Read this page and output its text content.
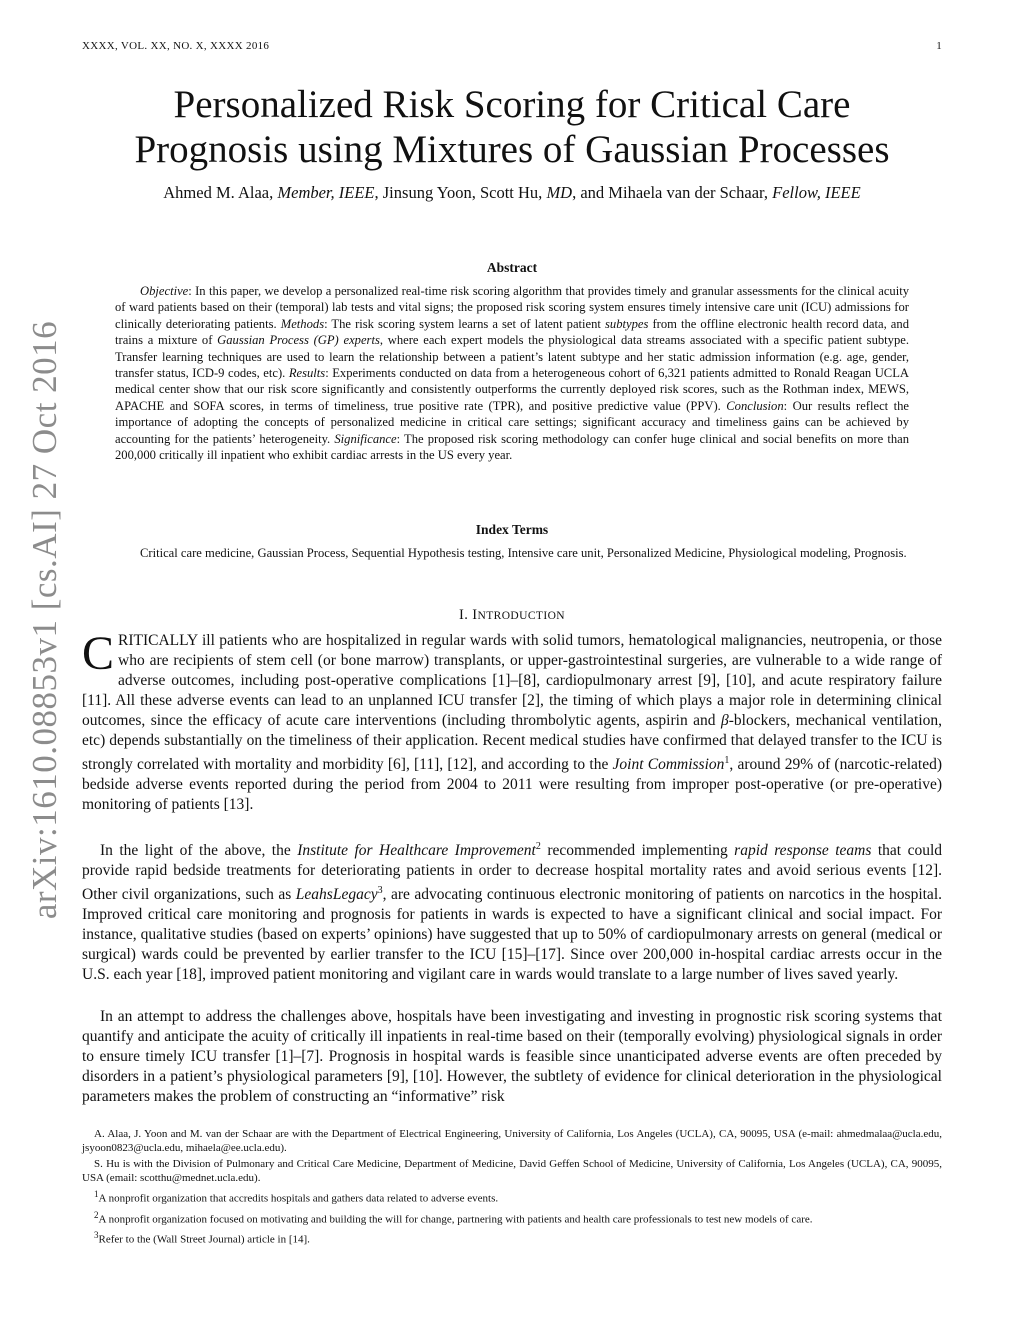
XXXX, VOL. XX, NO. X, XXXX 2016	1
arXiv:1610.08853v1 [cs.AI] 27 Oct 2016
Personalized Risk Scoring for Critical Care
Prognosis using Mixtures of Gaussian Processes
Ahmed M. Alaa, Member, IEEE, Jinsung Yoon, Scott Hu, MD, and Mihaela van der Schaar, Fellow, IEEE

Abstract

Objective: In this paper, we develop a personalized real-time risk scoring algorithm that provides timely and granular assessments for the clinical acuity of ward patients based on their (temporal) lab tests and vital signs; the proposed risk scoring system ensures timely intensive care unit (ICU) admissions for clinically deteriorating patients. Methods: The risk scoring system learns a set of latent patient subtypes from the offline electronic health record data, and trains a mixture of Gaussian Process (GP) experts, where each expert models the physiological data streams associated with a specific patient subtype. Transfer learning techniques are used to learn the relationship between a patient’s latent subtype and her static admission information (e.g. age, gender, transfer status, ICD-9 codes, etc). Results: Experiments conducted on data from a heterogeneous cohort of 6,321 patients admitted to Ronald Reagan UCLA medical center show that our risk score significantly and consistently outperforms the currently deployed risk scores, such as the Rothman index, MEWS, APACHE and SOFA scores, in terms of timeliness, true positive rate (TPR), and positive predictive value (PPV). Conclusion: Our results reflect the importance of adopting the concepts of personalized medicine in critical care settings; significant accuracy and timeliness gains can be achieved by accounting for the patients’ heterogeneity. Significance: The proposed risk scoring methodology can confer huge clinical and social benefits on more than 200,000 critically ill inpatient who exhibit cardiac arrests in the US every year.

Index Terms

Critical care medicine, Gaussian Process, Sequential Hypothesis testing, Intensive care unit, Personalized Medicine, Physiological modeling, Prognosis.

I. INTRODUCTION

CRITICALLY ill patients who are hospitalized in regular wards with solid tumors, hematological malignancies, neutropenia, or those who are recipients of stem cell (or bone marrow) transplants, or upper-gastrointestinal surgeries, are vulnerable to a wide range of adverse outcomes, including post-operative complications [1]–[8], cardiopulmonary arrest [9], [10], and acute respiratory failure [11]. All these adverse events can lead to an unplanned ICU transfer [2], the timing of which plays a major role in determining clinical outcomes, since the efficacy of acute care interventions (including thrombolytic agents, aspirin and β-blockers, mechanical ventilation, etc) depends substantially on the timeliness of their application. Recent medical studies have confirmed that delayed transfer to the ICU is strongly correlated with mortality and morbidity [6], [11], [12], and according to the Joint Commission$^1$, around 29% of (narcotic-related) bedside adverse events reported during the period from 2004 to 2011 were resulting from improper post-operative (or pre-operative) monitoring of patients [13].

In the light of the above, the Institute for Healthcare Improvement$^2$ recommended implementing rapid response teams that could provide rapid bedside treatments for deteriorating patients in order to decrease hospital mortality rates and avoid serious events [12]. Other civil organizations, such as LeahsLegacy$^3$, are advocating continuous electronic monitoring of patients on narcotics in the hospital. Improved critical care monitoring and prognosis for patients in wards is expected to have a significant clinical and social impact. For instance, qualitative studies (based on experts’ opinions) have suggested that up to 50% of cardiopulmonary arrests on general (medical or surgical) wards could be prevented by earlier transfer to the ICU [15]–[17]. Since over 200,000 in-hospital cardiac arrests occur in the U.S. each year [18], improved patient monitoring and vigilant care in wards would translate to a large number of lives saved yearly.

In an attempt to address the challenges above, hospitals have been investigating and investing in prognostic risk scoring systems that quantify and anticipate the acuity of critically ill inpatients in real-time based on their (temporally evolving) physiological signals in order to ensure timely ICU transfer [1]–[7]. Prognosis in hospital wards is feasible since unanticipated adverse events are often preceded by disorders in a patient’s physiological parameters [9], [10]. However, the subtlety of evidence for clinical deterioration in the physiological parameters makes the problem of constructing an “informative” risk

A. Alaa, J. Yoon and M. van der Schaar are with the Department of Electrical Engineering, University of California, Los Angeles (UCLA), CA, 90095, USA (e-mail: ahmedmalaa@ucla.edu, jsyoon0823@ucla.edu, mihaela@ee.ucla.edu).

S. Hu is with the Division of Pulmonary and Critical Care Medicine, Department of Medicine, David Geffen School of Medicine, University of California, Los Angeles (UCLA), CA, 90095, USA (email: scotthu@mednet.ucla.edu).

$^1$A nonprofit organization that accredits hospitals and gathers data related to adverse events.

$^2$A nonprofit organization focused on motivating and building the will for change, partnering with patients and health care professionals to test new models of care.

$^3$Refer to the (Wall Street Journal) article in [14].
